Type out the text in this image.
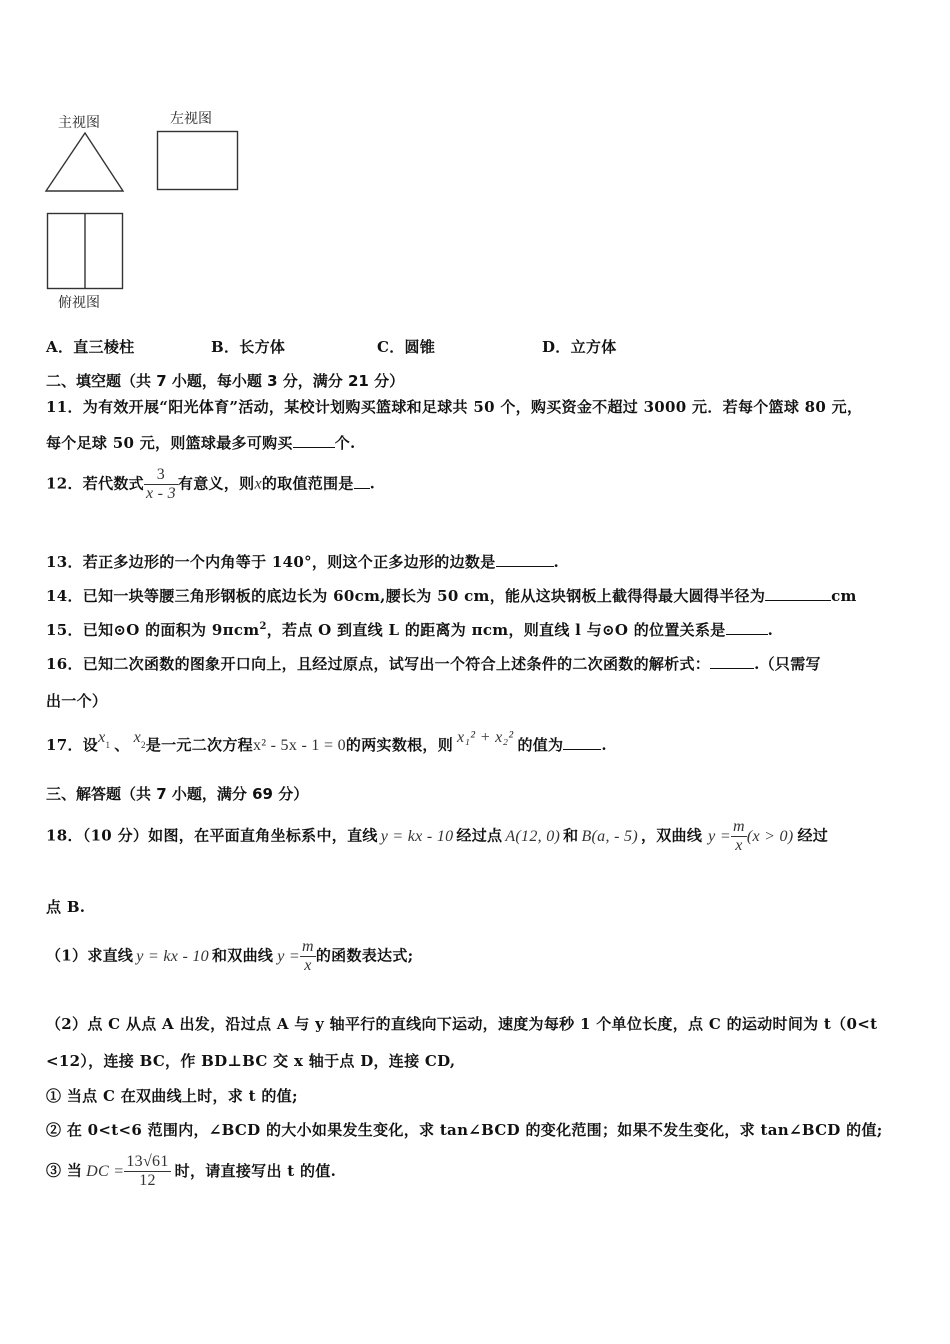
主视图	左视图
俯视图
A．直三棱柱	B．长方体	C．圆锥	D．立方体
二、填空题（共 7 小题，每小题 3 分，满分 21 分）
11．为有效开展“阳光体育”活动，某校计划购买篮球和足球共 50 个，购买资金不超过 3000 元．若每个篮球 80 元，
每个足球 50 元，则篮球最多可购买	个.
12．若代数式 $\frac{3}{x - 3}$ 有意义，则x的取值范围是 .
13．若正多边形的一个内角等于 140°，则这个正多边形的边数是	.
14．已知一块等腰三角形钢板的底边长为 60cm,腰长为 50 cm，能从这块钢板上截得得最大圆得半径为	cm
15．已知⊙O 的面积为 9πcm$^2$，若点 O 到直线 L 的距离为 πcm，则直线 l 与⊙O 的位置关系是	.
16．已知二次函数的图象开口向上，且经过原点，试写出一个符合上述条件的二次函数的解析式：	.（只需写
出一个）
17．设$x_1$ 、 $x_2$是一元二次方程x² - 5x - 1 = 0的两实数根，则 x₁² + x₂² 的值为	.
三、解答题（共 7 小题，满分 69 分）
18．（10 分）如图，在平面直角坐标系中，直线 y = kx - 10 经过点 A(12, 0) 和 B(a, - 5) ，双曲线 $y = \frac{m}{x} (x > 0)$ 经过
点 B.
（1）求直线 y = kx - 10 和双曲线 $y = \frac{m}{x}$ 的函数表达式;
（2）点 C 从点 A 出发，沿过点 A 与 y 轴平行的直线向下运动，速度为每秒 1 个单位长度，点 C 的运动时间为 t（0<t
<12），连接 BC，作 BD⊥BC 交 x 轴于点 D，连接 CD,
① 当点 C 在双曲线上时，求 t 的值;
② 在 0<t<6 范围内，∠BCD 的大小如果发生变化，求 tan∠BCD 的变化范围；如果不发生变化，求 tan∠BCD 的值;
③ 当 DC = $\frac{13√61}{12}$ 时，请直接写出 t 的值.
